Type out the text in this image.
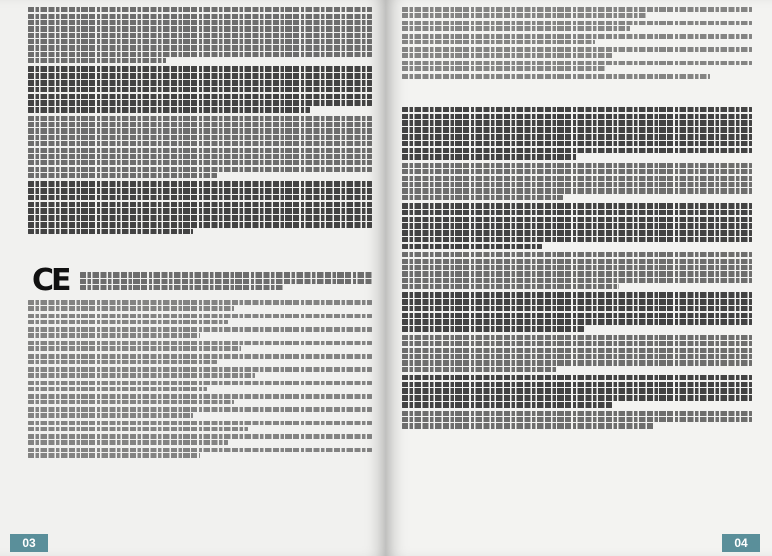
CE
03	04
